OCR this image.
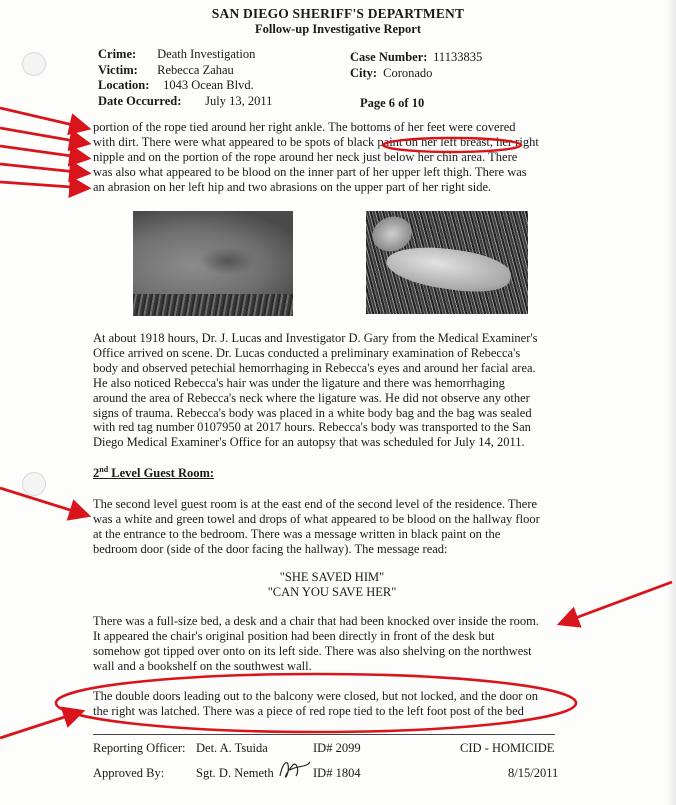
SAN DIEGO SHERIFF'S DEPARTMENT
Follow-up Investigative Report
Crime: Death Investigation
Victim: Rebecca Zahau
Location: 1043 Ocean Blvd.
Date Occurred: July 13, 2011
Case Number: 11133835
City: Coronado
Page 6 of 10
portion of the rope tied around her right ankle. The bottoms of her feet were covered
with dirt. There were what appeared to be spots of black paint on her left breast, her right
nipple and on the portion of the rope around her neck just below her chin area. There
was also what appeared to be blood on the inner part of her upper left thigh. There was
an abrasion on her left hip and two abrasions on the upper part of her right side.
At about 1918 hours, Dr. J. Lucas and Investigator D. Gary from the Medical Examiner's
Office arrived on scene. Dr. Lucas conducted a preliminary examination of Rebecca's
body and observed petechial hemorrhaging in Rebecca's eyes and around her facial area.
He also noticed Rebecca's hair was under the ligature and there was hemorrhaging
around the area of Rebecca's neck where the ligature was. He did not observe any other
signs of trauma. Rebecca's body was placed in a white body bag and the bag was sealed
with red tag number 0107950 at 2017 hours. Rebecca's body was transported to the San
Diego Medical Examiner's Office for an autopsy that was scheduled for July 14, 2011.
2nd Level Guest Room:
The second level guest room is at the east end of the second level of the residence. There
was a white and green towel and drops of what appeared to be blood on the hallway floor
at the entrance to the bedroom. There was a message written in black paint on the
bedroom door (side of the door facing the hallway). The message read:
"SHE SAVED HIM"
"CAN YOU SAVE HER"
There was a full-size bed, a desk and a chair that had been knocked over inside the room.
It appeared the chair's original position had been directly in front of the desk but
somehow got tipped over onto on its left side. There was also shelving on the northwest
wall and a bookshelf on the southwest wall.
The double doors leading out to the balcony were closed, but not locked, and the door on
the right was latched. There was a piece of red rope tied to the left foot post of the bed
Reporting Officer: Det. A. Tsuida	ID# 2099	CID - HOMICIDE
Approved By:	Sgt. D. Nemeth	ID# 1804	8/15/2011
